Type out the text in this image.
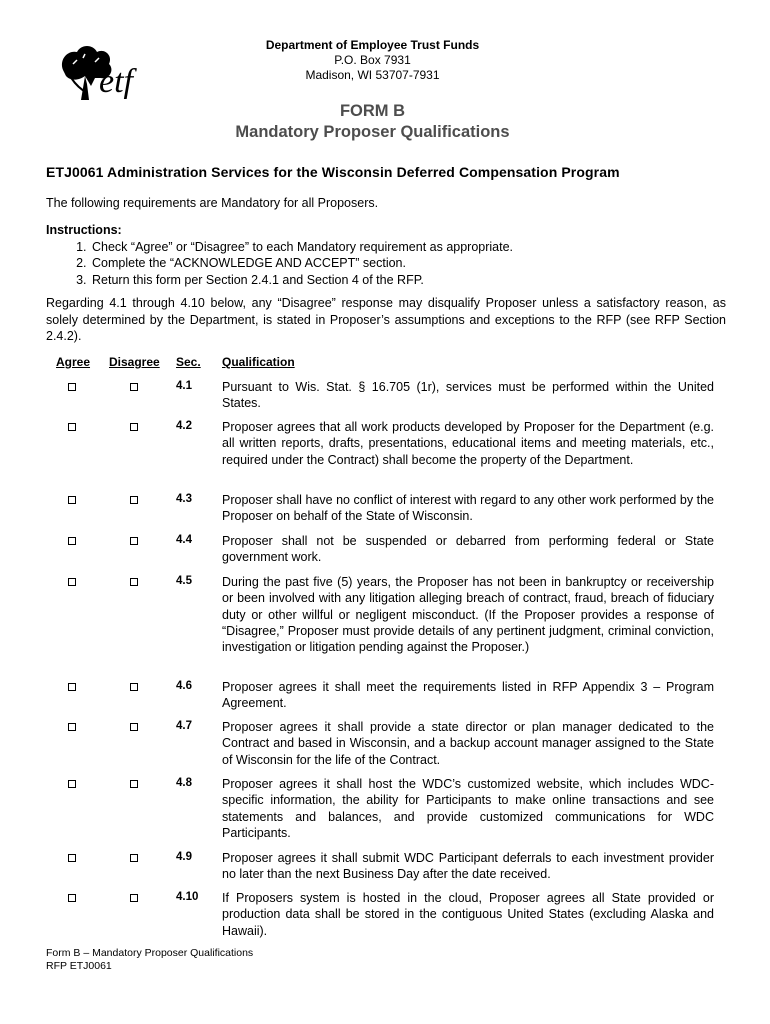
etf
Department of Employee Trust Funds
P.O. Box 7931
Madison, WI 53707-7931
FORM B
Mandatory Proposer Qualifications
ETJ0061 Administration Services for the Wisconsin Deferred Compensation Program
The following requirements are Mandatory for all Proposers.
Instructions:
1. Check “Agree” or “Disagree” to each Mandatory requirement as appropriate.
2. Complete the “ACKNOWLEDGE AND ACCEPT” section.
3. Return this form per Section 2.4.1 and Section 4 of the RFP.
Regarding 4.1 through 4.10 below, any “Disagree” response may disqualify Proposer unless a satisfactory reason, as solely determined by the Department, is stated in Proposer’s assumptions and exceptions to the RFP (see RFP Section 2.4.2).
Agree Disagree Sec. Qualification
4.1 Pursuant to Wis. Stat. § 16.705 (1r), services must be performed within the United States.
4.2 Proposer agrees that all work products developed by Proposer for the Department (e.g. all written reports, drafts, presentations, educational items and meeting materials, etc., required under the Contract) shall become the property of the Department.
4.3 Proposer shall have no conflict of interest with regard to any other work performed by the Proposer on behalf of the State of Wisconsin.
4.4 Proposer shall not be suspended or debarred from performing federal or State government work.
4.5 During the past five (5) years, the Proposer has not been in bankruptcy or receivership or been involved with any litigation alleging breach of contract, fraud, breach of fiduciary duty or other willful or negligent misconduct. (If the Proposer provides a response of “Disagree,” Proposer must provide details of any pertinent judgment, criminal conviction, investigation or litigation pending against the Proposer.)
4.6 Proposer agrees it shall meet the requirements listed in RFP Appendix 3 – Program Agreement.
4.7 Proposer agrees it shall provide a state director or plan manager dedicated to the Contract and based in Wisconsin, and a backup account manager assigned to the State of Wisconsin for the life of the Contract.
4.8 Proposer agrees it shall host the WDC’s customized website, which includes WDC-specific information, the ability for Participants to make online transactions and see statements and balances, and provide customized communications for WDC Participants.
4.9 Proposer agrees it shall submit WDC Participant deferrals to each investment provider no later than the next Business Day after the date received.
4.10 If Proposers system is hosted in the cloud, Proposer agrees all State provided or production data shall be stored in the contiguous United States (excluding Alaska and Hawaii).
Form B – Mandatory Proposer Qualifications
RFP ETJ0061
